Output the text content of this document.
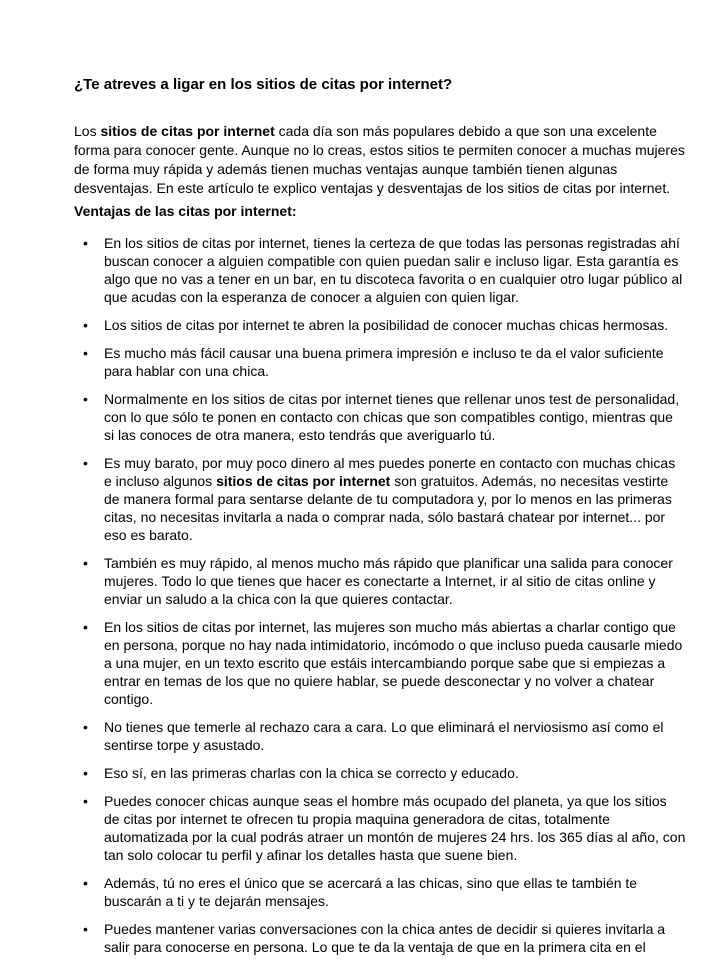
¿Te atreves a ligar en los sitios de citas por internet?

Los sitios de citas por internet cada día son más populares debido a que son una excelente forma para conocer gente. Aunque no lo creas, estos sitios te permiten conocer a muchas mujeres de forma muy rápida y además tienen muchas ventajas aunque también tienen algunas desventajas. En este artículo te explico ventajas y desventajas de los sitios de citas por internet.

Ventajas de las citas por internet:

• En los sitios de citas por internet, tienes la certeza de que todas las personas registradas ahí buscan conocer a alguien compatible con quien puedan salir e incluso ligar. Esta garantía es algo que no vas a tener en un bar, en tu discoteca favorita o en cualquier otro lugar público al que acudas con la esperanza de conocer a alguien con quien ligar.
• Los sitios de citas por internet te abren la posibilidad de conocer muchas chicas hermosas.
• Es mucho más fácil causar una buena primera impresión e incluso te da el valor suficiente para hablar con una chica.
• Normalmente en los sitios de citas por internet tienes que rellenar unos test de personalidad, con lo que sólo te ponen en contacto con chicas que son compatibles contigo, mientras que si las conoces de otra manera, esto tendrás que averiguarlo tú.
• Es muy barato, por muy poco dinero al mes puedes ponerte en contacto con muchas chicas e incluso algunos sitios de citas por internet son gratuitos. Además, no necesitas vestirte de manera formal para sentarse delante de tu computadora y, por lo menos en las primeras citas, no necesitas invitarla a nada o comprar nada, sólo bastará chatear por internet... por eso es barato.
• También es muy rápido, al menos mucho más rápido que planificar una salida para conocer mujeres. Todo lo que tienes que hacer es conectarte a Internet, ir al sitio de citas online y enviar un saludo a la chica con la que quieres contactar.
• En los sitios de citas por internet, las mujeres son mucho más abiertas a charlar contigo que en persona, porque no hay nada intimidatorio, incómodo o que incluso pueda causarle miedo a una mujer, en un texto escrito que estáis intercambiando porque sabe que si empiezas a entrar en temas de los que no quiere hablar, se puede desconectar y no volver a chatear contigo.
• No tienes que temerle al rechazo cara a cara. Lo que eliminará el nerviosismo así como el sentirse torpe y asustado.
• Eso sí, en las primeras charlas con la chica se correcto y educado.
• Puedes conocer chicas aunque seas el hombre más ocupado del planeta, ya que los sitios de citas por internet te ofrecen tu propia maquina generadora de citas, totalmente automatizada por la cual podrás atraer un montón de mujeres 24 hrs. los 365 días al año, con tan solo colocar tu perfil y afinar los detalles hasta que suene bien.
• Además, tú no eres el único que se acercará a las chicas, sino que ellas te también te buscarán a ti y te dejarán mensajes.
• Puedes mantener varias conversaciones con la chica antes de decidir si quieres invitarla a salir para conocerse en persona. Lo que te da la ventaja de que en la primera cita en el
